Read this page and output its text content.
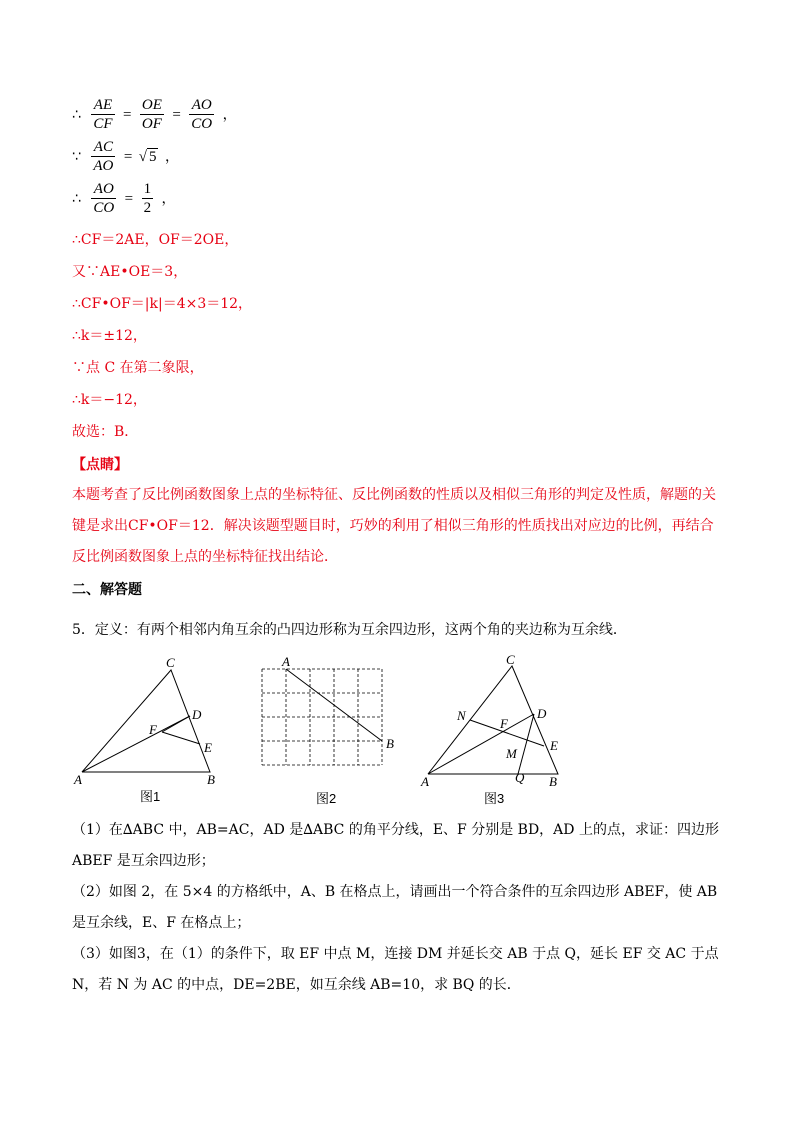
∴ $\frac{AE}{CF} = \frac{OE}{OF} = \frac{AO}{CO}$ ，
∵ $\frac{AC}{AO}$ = √ 5 ，
∴ $\frac{AO}{CO} = \frac{1}{2}$ ，
∴CF＝2AE，OF＝2OE，
又∵AE•OE＝3，
∴CF•OF＝|k|＝4×3＝12，
∴k＝±12，
∵点 C 在第二象限，
∴k＝−12，
故选：B．
【点睛】
本题考查了反比例函数图象上点的坐标特征、反比例函数的性质以及相似三角形的判定及性质，解题的关键是求出CF•OF＝12．解决该题型题目时，巧妙的利用了相似三角形的性质找出对应边的比例，再结合反比例函数图象上点的坐标特征找出结论．
二、解答题
5．定义：有两个相邻内角互余的凸四边形称为互余四边形，这两个角的夹边称为互余线．
C
D
F
E
A	B
图1
A
B
图2
C
N
F
D
M
E
Q
A	B
图3
（1）在∆ABC 中，AB=AC，AD 是∆ABC 的角平分线，E、F 分别是 BD，AD 上的点，求证：四边形 ABEF 是互余四边形；
（2）如图 2，在 5×4 的方格纸中，A、B 在格点上，请画出一个符合条件的互余四边形 ABEF，使 AB 是互余线，E、F 在格点上；
（3）如图3，在（1）的条件下，取 EF 中点 M，连接 DM 并延长交 AB 于点 Q，延长 EF 交 AC 于点 N，若 N 为 AC 的中点，DE=2BE，如互余线 AB=10，求 BQ 的长．
